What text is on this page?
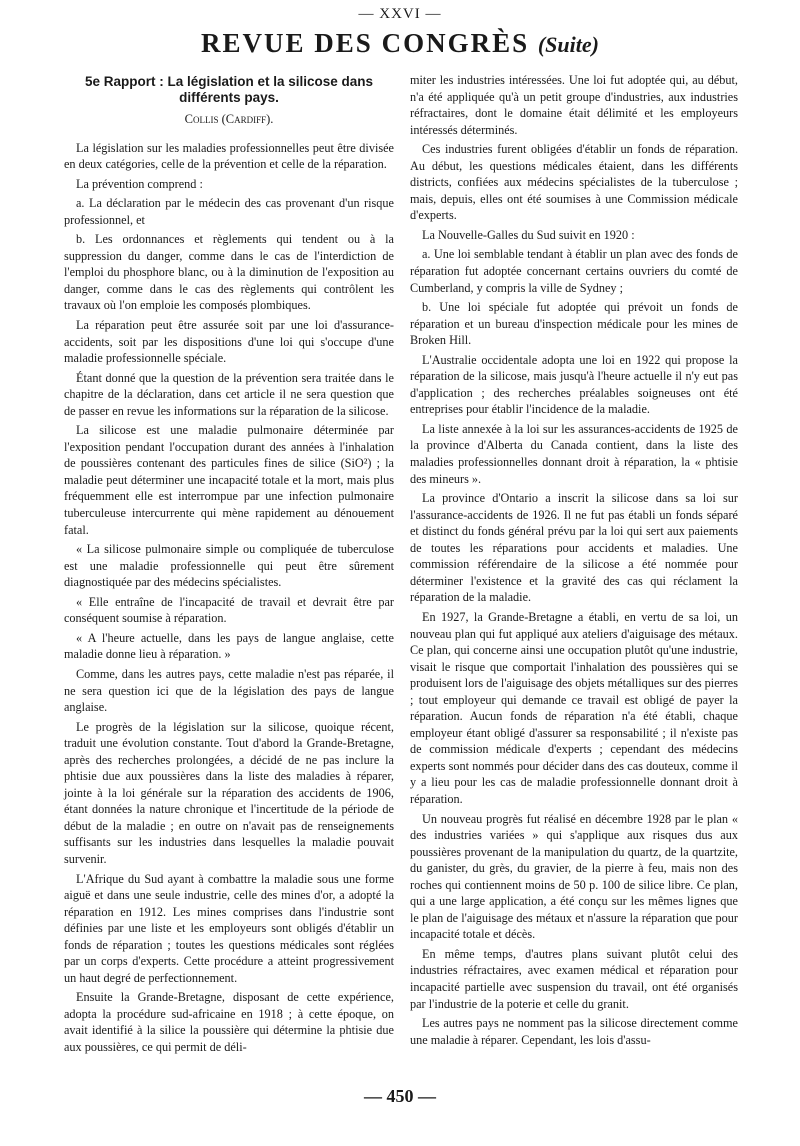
— XXVI —
REVUE DES CONGRÈS (Suite)
5e Rapport : La législation et la silicose dans différents pays.
Collis (Cardiff).

La législation sur les maladies professionnelles peut être divisée en deux catégories, celle de la prévention et celle de la réparation.

La prévention comprend :

a. La déclaration par le médecin des cas provenant d'un risque professionnel, et

b. Les ordonnances et règlements qui tendent ou à la suppression du danger, comme dans le cas de l'interdiction de l'emploi du phosphore blanc, ou à la diminution de l'exposition au danger, comme dans le cas des règlements qui contrôlent les travaux où l'on emploie les composés plombiques.

La réparation peut être assurée soit par une loi d'assurance-accidents, soit par les dispositions d'une loi qui s'occupe d'une maladie professionnelle spéciale.

Étant donné que la question de la prévention sera traitée dans le chapitre de la déclaration, dans cet article il ne sera question que de passer en revue les informations sur la réparation de la silicose.

La silicose est une maladie pulmonaire déterminée par l'exposition pendant l'occupation durant des années à l'inhalation de poussières contenant des particules fines de silice (SiO²) ; la maladie peut déterminer une incapacité totale et la mort, mais plus fréquemment elle est interrompue par une infection pulmonaire tuberculeuse intercurrente qui mène rapidement au dénouement fatal.

« La silicose pulmonaire simple ou compliquée de tuberculose est une maladie professionnelle qui peut être sûrement diagnostiquée par des médecins spécialistes.

« Elle entraîne de l'incapacité de travail et devrait être par conséquent soumise à réparation.

« A l'heure actuelle, dans les pays de langue anglaise, cette maladie donne lieu à réparation. »

Comme, dans les autres pays, cette maladie n'est pas réparée, il ne sera question ici que de la législation des pays de langue anglaise.

Le progrès de la législation sur la silicose, quoique récent, traduit une évolution constante. Tout d'abord la Grande-Bretagne, après des recherches prolongées, a décidé de ne pas inclure la phtisie due aux poussières dans la liste des maladies à réparer, jointe à la loi générale sur la réparation des accidents de 1906, étant données la nature chronique et l'incertitude de la période de début de la maladie ; en outre on n'avait pas de renseignements suffisants sur les industries dans lesquelles la maladie pouvait survenir.

L'Afrique du Sud ayant à combattre la maladie sous une forme aiguë et dans une seule industrie, celle des mines d'or, a adopté la réparation en 1912. Les mines comprises dans l'industrie sont définies par une liste et les employeurs sont obligés d'établir un fonds de réparation ; toutes les questions médicales sont réglées par un corps d'experts. Cette procédure a atteint progressivement un haut degré de perfectionnement.

Ensuite la Grande-Bretagne, disposant de cette expérience, adopta la procédure sud-africaine en 1918 ; à cette époque, on avait identifié à la silice la poussière qui détermine la phtisie due aux poussières, ce qui permit de déli-

miter les industries intéressées. Une loi fut adoptée qui, au début, n'a été appliquée qu'à un petit groupe d'industries, aux industries réfractaires, dont le domaine était délimité et les employeurs intéressés déterminés.

Ces industries furent obligées d'établir un fonds de réparation. Au début, les questions médicales étaient, dans les différents districts, confiées aux médecins spécialistes de la tuberculose ; mais, depuis, elles ont été soumises à une Commission médicale d'experts.

La Nouvelle-Galles du Sud suivit en 1920 :

a. Une loi semblable tendant à établir un plan avec des fonds de réparation fut adoptée concernant certains ouvriers du comté de Cumberland, y compris la ville de Sydney ;

b. Une loi spéciale fut adoptée qui prévoit un fonds de réparation et un bureau d'inspection médicale pour les mines de Broken Hill.

L'Australie occidentale adopta une loi en 1922 qui propose la réparation de la silicose, mais jusqu'à l'heure actuelle il n'y eut pas d'application ; des recherches préalables soigneuses ont été entreprises pour établir l'incidence de la maladie.

La liste annexée à la loi sur les assurances-accidents de 1925 de la province d'Alberta du Canada contient, dans la liste des maladies professionnelles donnant droit à réparation, la « phtisie des mineurs ».

La province d'Ontario a inscrit la silicose dans sa loi sur l'assurance-accidents de 1926. Il ne fut pas établi un fonds séparé et distinct du fonds général prévu par la loi qui sert aux paiements de toutes les réparations pour accidents et maladies. Une commission référendaire de la silicose a été nommée pour déterminer l'existence et la gravité des cas qui réclament la réparation de la maladie.

En 1927, la Grande-Bretagne a établi, en vertu de sa loi, un nouveau plan qui fut appliqué aux ateliers d'aiguisage des métaux. Ce plan, qui concerne ainsi une occupation plutôt qu'une industrie, visait le risque que comportait l'inhalation des poussières qui se produisent lors de l'aiguisage des objets métalliques sur des pierres ; tout employeur qui demande ce travail est obligé de payer la réparation. Aucun fonds de réparation n'a été établi, chaque employeur étant obligé d'assurer sa responsabilité ; il n'existe pas de commission médicale d'experts ; cependant des médecins experts sont nommés pour décider dans des cas douteux, comme il y a lieu pour les cas de maladie professionnelle donnant droit à réparation.

Un nouveau progrès fut réalisé en décembre 1928 par le plan « des industries variées » qui s'applique aux risques dus aux poussières provenant de la manipulation du quartz, de la quartzite, du ganister, du grès, du gravier, de la pierre à feu, mais non des roches qui contiennent moins de 50 p. 100 de silice libre. Ce plan, qui a une large application, a été conçu sur les mêmes lignes que le plan de l'aiguisage des métaux et n'assure la réparation que pour incapacité totale et décès.

En même temps, d'autres plans suivant plutôt celui des industries réfractaires, avec examen médical et réparation pour incapacité partielle avec suspension du travail, ont été organisés par l'industrie de la poterie et celle du granit.

Les autres pays ne nomment pas la silicose directement comme une maladie à réparer. Cependant, les lois d'assu-

— 450 —
